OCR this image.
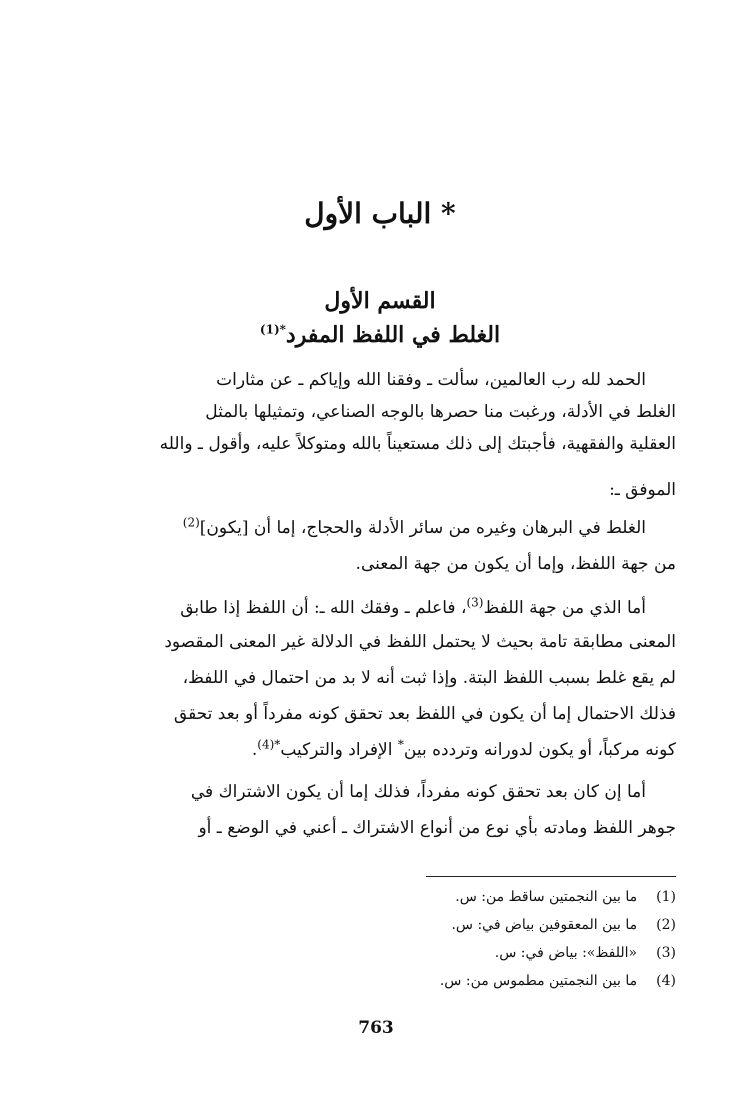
* الباب الأول
القسم الأول
الغلط في اللفظ المفرد$^{*(1)}$
الحمد لله رب العالمين، سألت ـ وفقنا الله وإياكم ـ عن مثارات
الغلط في الأدلة، ورغبت منا حصرها بالوجه الصناعي، وتمثيلها بالمثل
العقلية والفقهية، فأجبتك إلى ذلك مستعيناً بالله ومتوكلاً عليه، وأقول ـ والله
الموفق ـ:
الغلط في البرهان وغيره من سائر الأدلة والحجاج، إما أن [يكون]$^{(2)}$
من جهة اللفظ، وإما أن يكون من جهة المعنى.
أما الذي من جهة اللفظ$^{(3)}$، فاعلم ـ وفقك الله ـ: أن اللفظ إذا طابق
المعنى مطابقة تامة بحيث لا يحتمل اللفظ في الدلالة غير المعنى المقصود
لم يقع غلط بسبب اللفظ البتة. وإذا ثبت أنه لا بد من احتمال في اللفظ،
فذلك الاحتمال إما أن يكون في اللفظ بعد تحقق كونه مفرداً أو بعد تحقق
كونه مركباً، أو يكون لدورانه وتردده بين* الإفراد والتركيب$^{*(4)}$.
أما إن كان بعد تحقق كونه مفرداً، فذلك إما أن يكون الاشتراك في
جوهر اللفظ ومادته بأي نوع من أنواع الاشتراك ـ أعني في الوضع ـ أو
(1)  ما بين النجمتين ساقط من: س.
(2)  ما بين المعقوفين بياض في: س.
(3)  «اللفظ»: بياض في: س.
(4)  ما بين النجمتين مطموس من: س.
763
